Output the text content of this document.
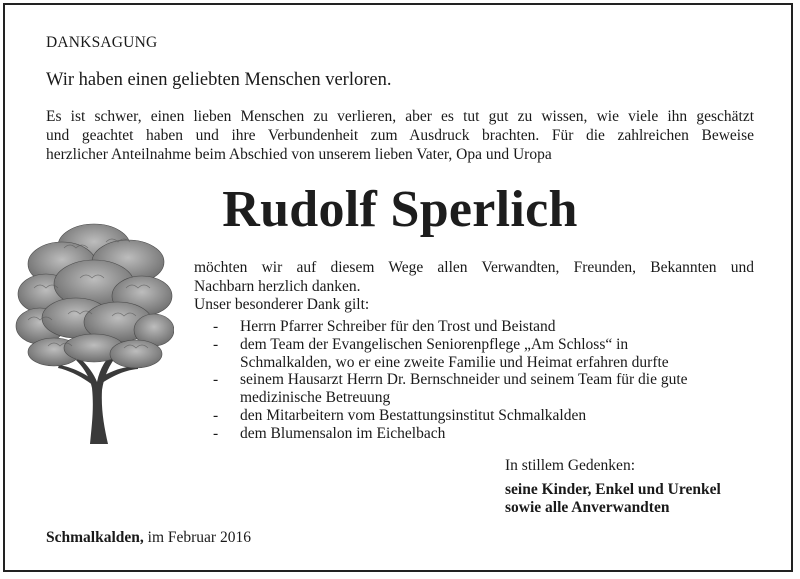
DANKSAGUNG
Wir haben einen geliebten Menschen verloren.
Es ist schwer, einen lieben Menschen zu verlieren, aber es tut gut zu wissen, wie viele ihn geschätzt
und geachtet haben und ihre Verbundenheit zum Ausdruck brachten. Für die zahlreichen Beweise
herzlicher Anteilnahme beim Abschied von unserem lieben Vater, Opa und Uropa
Rudolf Sperlich
möchten wir auf diesem Wege allen Verwandten, Freunden, Bekannten und
Nachbarn herzlich danken.
Unser besonderer Dank gilt:
- Herrn Pfarrer Schreiber für den Trost und Beistand
- dem Team der Evangelischen Seniorenpflege „Am Schloss“ in
Schmalkalden, wo er eine zweite Familie und Heimat erfahren durfte
- seinem Hausarzt Herrn Dr. Bernschneider und seinem Team für die gute
medizinische Betreuung
- den Mitarbeitern vom Bestattungsinstitut Schmalkalden
- dem Blumensalon im Eichelbach
In stillem Gedenken:
seine Kinder, Enkel und Urenkel
sowie alle Anverwandten
Schmalkalden, im Februar 2016
